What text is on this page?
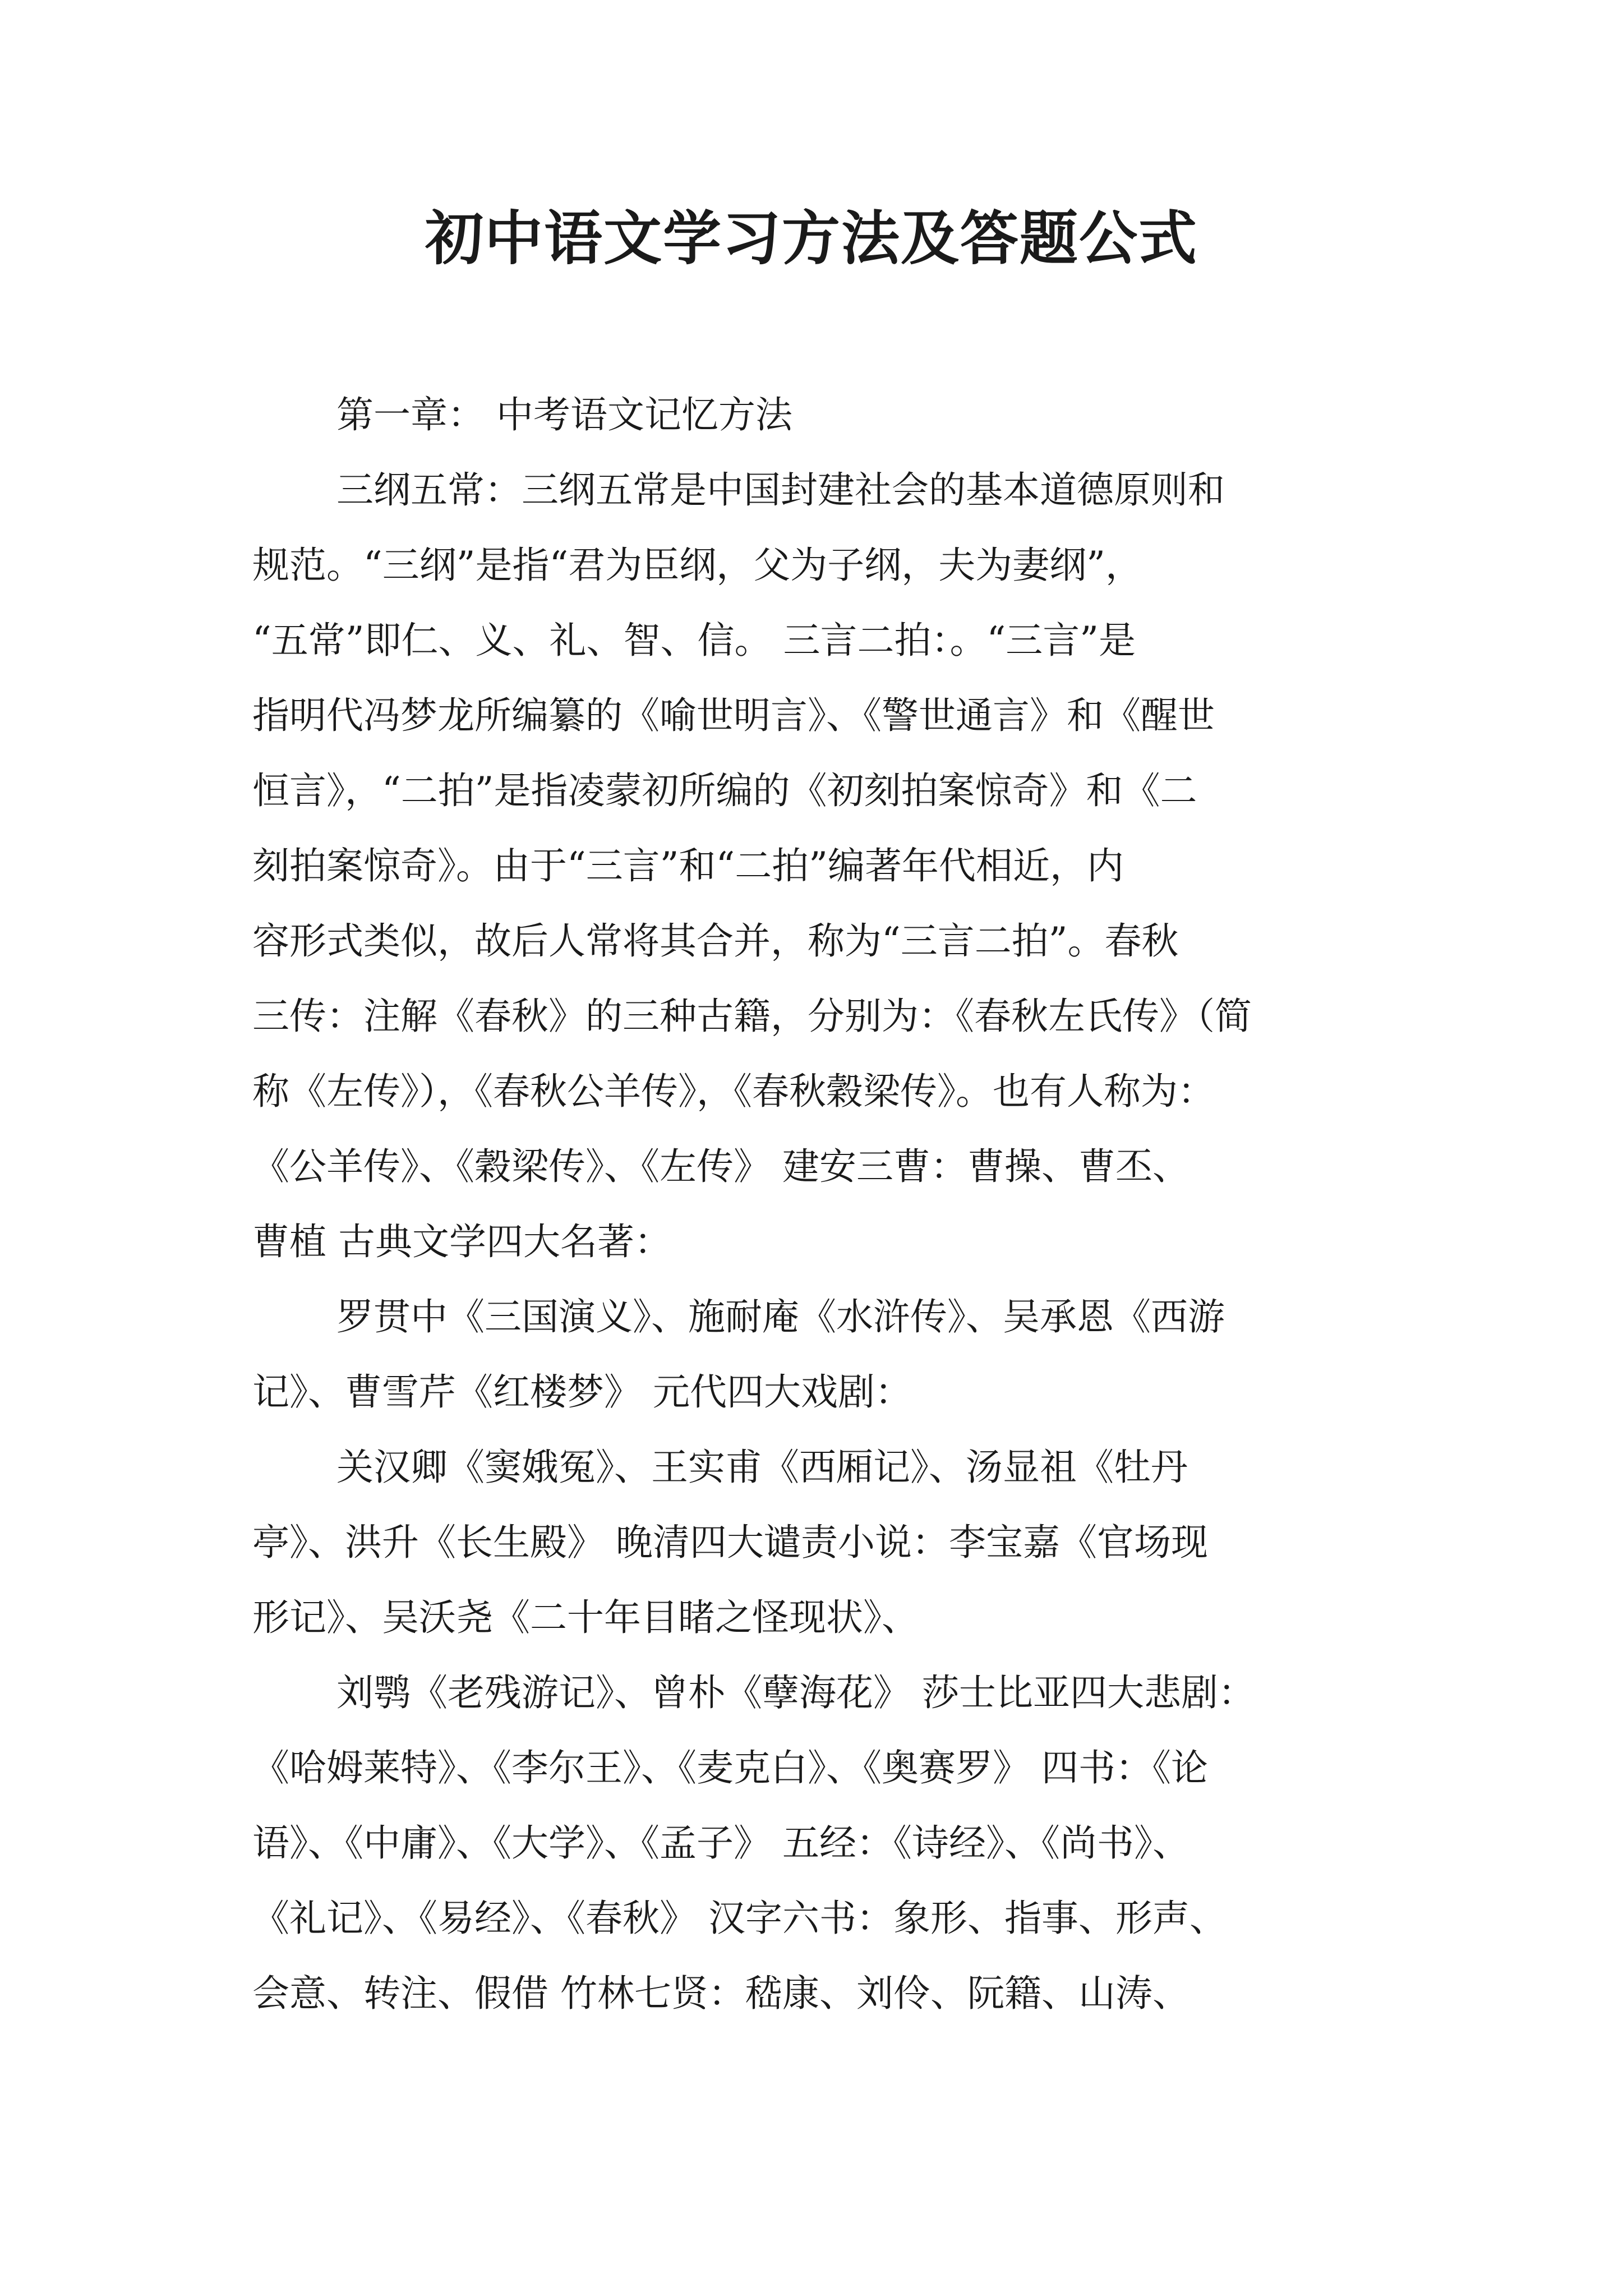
初中语文学习方法及答题公式

第一章： 中考语文记忆方法

三纲五常：三纲五常是中国封建社会的基本道德原则和

规范。“三纲”是指“君为臣纲，父为子纲，夫为妻纲”，

“五常”即仁、义、礼、智、信。 三言二拍：。“三言”是

指明代冯梦龙所编纂的《喻世明言》、《警世通言》和《醒世

恒言》，“二拍”是指凌蒙初所编的《初刻拍案惊奇》和《二

刻拍案惊奇》。由于“三言”和“二拍”编著年代相近，内

容形式类似，故后人常将其合并，称为“三言二拍”。春秋

三传：注解《春秋》的三种古籍，分别为：《春秋左氏传》（简

称《左传》），《春秋公羊传》，《春秋穀梁传》。也有人称为：

《公羊传》、《穀梁传》、《左传》 建安三曹：曹操、曹丕、

曹植 古典文学四大名著：

罗贯中《三国演义》、施耐庵《水浒传》、吴承恩《西游

记》、曹雪芹《红楼梦》 元代四大戏剧：

关汉卿《窦娥冤》、王实甫《西厢记》、汤显祖《牡丹

亭》、洪升《长生殿》 晚清四大谴责小说：李宝嘉《官场现

形记》、吴沃尧《二十年目睹之怪现状》、

刘鹗《老残游记》、曾朴《孽海花》 莎士比亚四大悲剧：

《哈姆莱特》、《李尔王》、《麦克白》、《奥赛罗》 四书：《论

语》、《中庸》、《大学》、《孟子》 五经：《诗经》、《尚书》、

《礼记》、《易经》、《春秋》 汉字六书：象形、指事、形声、

会意、转注、假借 竹林七贤：嵇康、刘伶、阮籍、山涛、
